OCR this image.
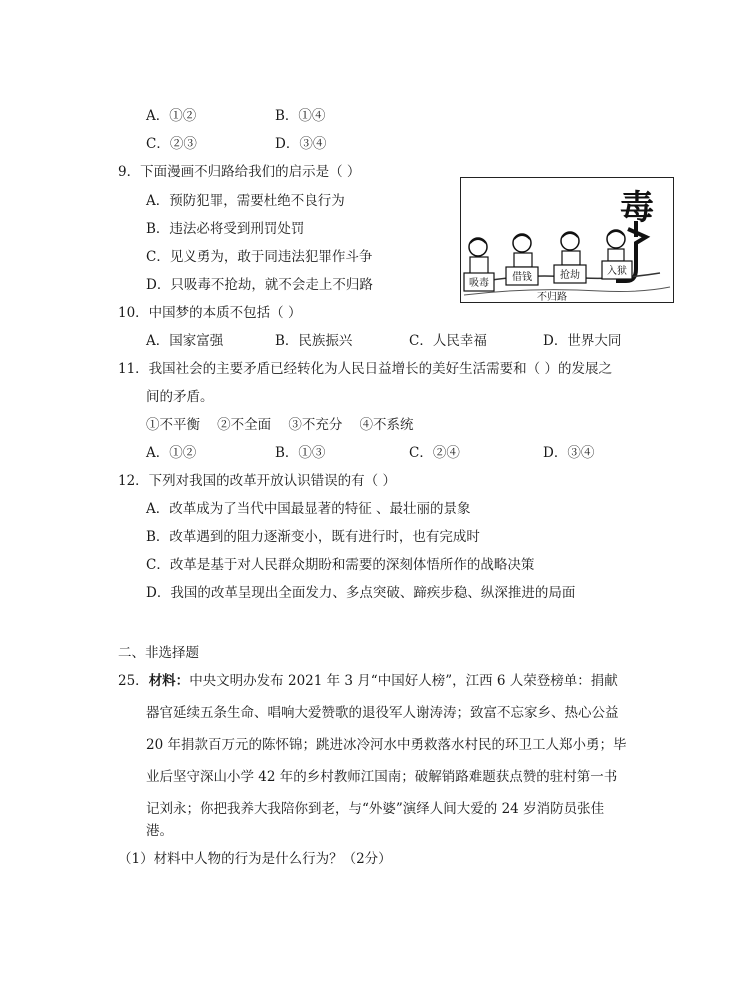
A．①②	B．①④
C．②③	D．③④
9．下面漫画不归路给我们的启示是（ ）
A．预防犯罪，需要杜绝不良行为
B．违法必将受到刑罚处罚
C．见义勇为，敢于同违法犯罪作斗争
D．只吸毒不抢劫，就不会走上不归路
毒
吸毒
借钱	抢劫	入狱
不归路
10．中国梦的本质不包括（ ）
A．国家富强	B．民族振兴	C．人民幸福	D．世界大同
11．我国社会的主要矛盾已经转化为人民日益增长的美好生活需要和（ ）的发展之
间的矛盾。
①不平衡    ②不全面    ③不充分    ④不系统
A．①②	B．①③	C．②④	D．③④
12．下列对我国的改革开放认识错误的有（ ）
A．改革成为了当代中国最显著的特征 、最壮丽的景象
B．改革遇到的阻力逐渐变小，既有进行时，也有完成时
C．改革是基于对人民群众期盼和需要的深刻体悟所作的战略决策
D．我国的改革呈现出全面发力、多点突破、蹄疾步稳、纵深推进的局面
二、非选择题
25．材料：中央文明办发布 2021 年 3 月“中国好人榜”，江西 6 人荣登榜单：捐献
器官延续五条生命、唱响大爱赞歌的退役军人谢涛涛；致富不忘家乡、热心公益
20 年捐款百万元的陈怀锦；跳进冰冷河水中勇救落水村民的环卫工人郑小勇；毕
业后坚守深山小学 42 年的乡村教师江国南；破解销路难题获点赞的驻村第一书
记刘永；你把我养大我陪你到老，与“外婆”演绎人间大爱的 24 岁消防员张佳
港。
（1）材料中人物的行为是什么行为？（2分）
